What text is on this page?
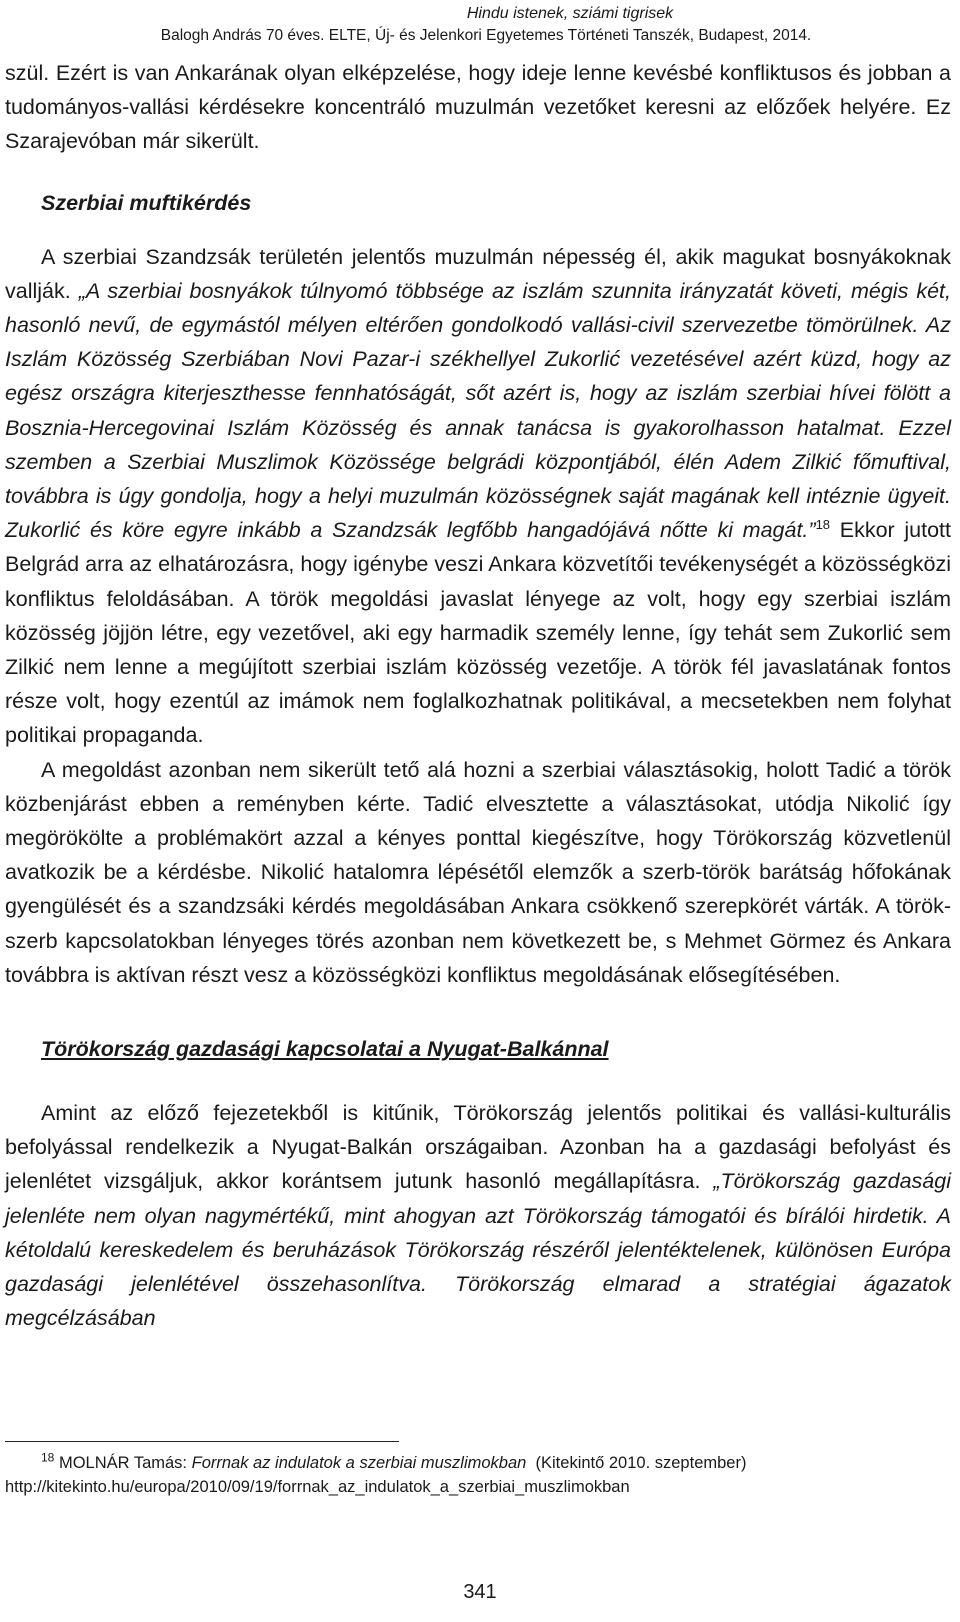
Hindu istenek, sziámi tigrisek
Balogh András 70 éves. ELTE, Új- és Jelenkori Egyetemes Történeti Tanszék, Budapest, 2014.

szül. Ezért is van Ankarának olyan elképzelése, hogy ideje lenne kevésbé konfliktusos és jobban a tudományos-vallási kérdésekre koncentráló muzulmán vezetőket keresni az előzőek helyére. Ez Szarajevóban már sikerült.

Szerbiai muftikérdés

A szerbiai Szandzsák területén jelentős muzulmán népesség él, akik magukat bosnyákoknak vallják. „A szerbiai bosnyákok túlnyomó többsége az iszlám szunnita irányzatát követi, mégis két, hasonló nevű, de egymástól mélyen eltérően gondolkodó vallási-civil szervezetbe tömörülnek. Az Iszlám Közösség Szerbiában Novi Pazar-i székhellyel Zukorlić vezetésével azért küzd, hogy az egész országra kiterjeszthesse fennhatóságát, sőt azért is, hogy az iszlám szerbiai hívei fölött a Bosznia-Hercegovinai Iszlám Közösség és annak tanácsa is gyakorolhasson hatalmat. Ezzel szemben a Szerbiai Muszlimok Közössége belgrádi központjából, élén Adem Zilkić főmuftival, továbbra is úgy gondolja, hogy a helyi muzulmán közösségnek saját magának kell intéznie ügyeit. Zukorlić és köre egyre inkább a Szandzsák legfőbb hangadójává nőtte ki magát.”$^{18}$ Ekkor jutott Belgrád arra az elhatározásra, hogy igénybe veszi Ankara közvetítői tevékenységét a közösségközi konfliktus feloldásában. A török megoldási javaslat lényege az volt, hogy egy szerbiai iszlám közösség jöjjön létre, egy vezetővel, aki egy harmadik személy lenne, így tehát sem Zukorlić sem Zilkić nem lenne a megújított szerbiai iszlám közösség vezetője. A török fél javaslatának fontos része volt, hogy ezentúl az imámok nem foglalkozhatnak politikával, a mecsetekben nem folyhat politikai propaganda.

A megoldást azonban nem sikerült tető alá hozni a szerbiai választásokig, holott Tadić a török közbenjárást ebben a reményben kérte. Tadić elvesztette a választásokat, utódja Nikolić így megörökölte a problémakört azzal a kényes ponttal kiegészítve, hogy Törökország közvetlenül avatkozik be a kérdésbe. Nikolić hatalomra lépésétől elemzők a szerb-török barátság hőfokának gyengülését és a szandzsáki kérdés megoldásában Ankara csökkenő szerepkörét várták. A török-szerb kapcsolatokban lényeges törés azonban nem következett be, s Mehmet Görmez és Ankara továbbra is aktívan részt vesz a közösségközi konfliktus megoldásának elősegítésében.

Törökország gazdasági kapcsolatai a Nyugat-Balkánnal

Amint az előző fejezetekből is kitűnik, Törökország jelentős politikai és vallási-kulturális befolyással rendelkezik a Nyugat-Balkán országaiban. Azonban ha a gazdasági befolyást és jelenlétet vizsgáljuk, akkor korántsem jutunk hasonló megállapításra. „Törökország gazdasági jelenléte nem olyan nagymértékű, mint ahogyan azt Törökország támogatói és bírálói hirdetik. A kétoldalú kereskedelem és beruházások Törökország részéről jelentéktelenek, különösen Európa gazdasági jelenlétével összehasonlítva. Törökország elmarad a stratégiai ágazatok megcélzásában

$^{18}$ MOLNÁR Tamás: Forrnak az indulatok a szerbiai muszlimokban  (Kitekintő 2010. szeptember)

http://kitekinto.hu/europa/2010/09/19/forrnak_az_indulatok_a_szerbiai_muszlimokban

341
